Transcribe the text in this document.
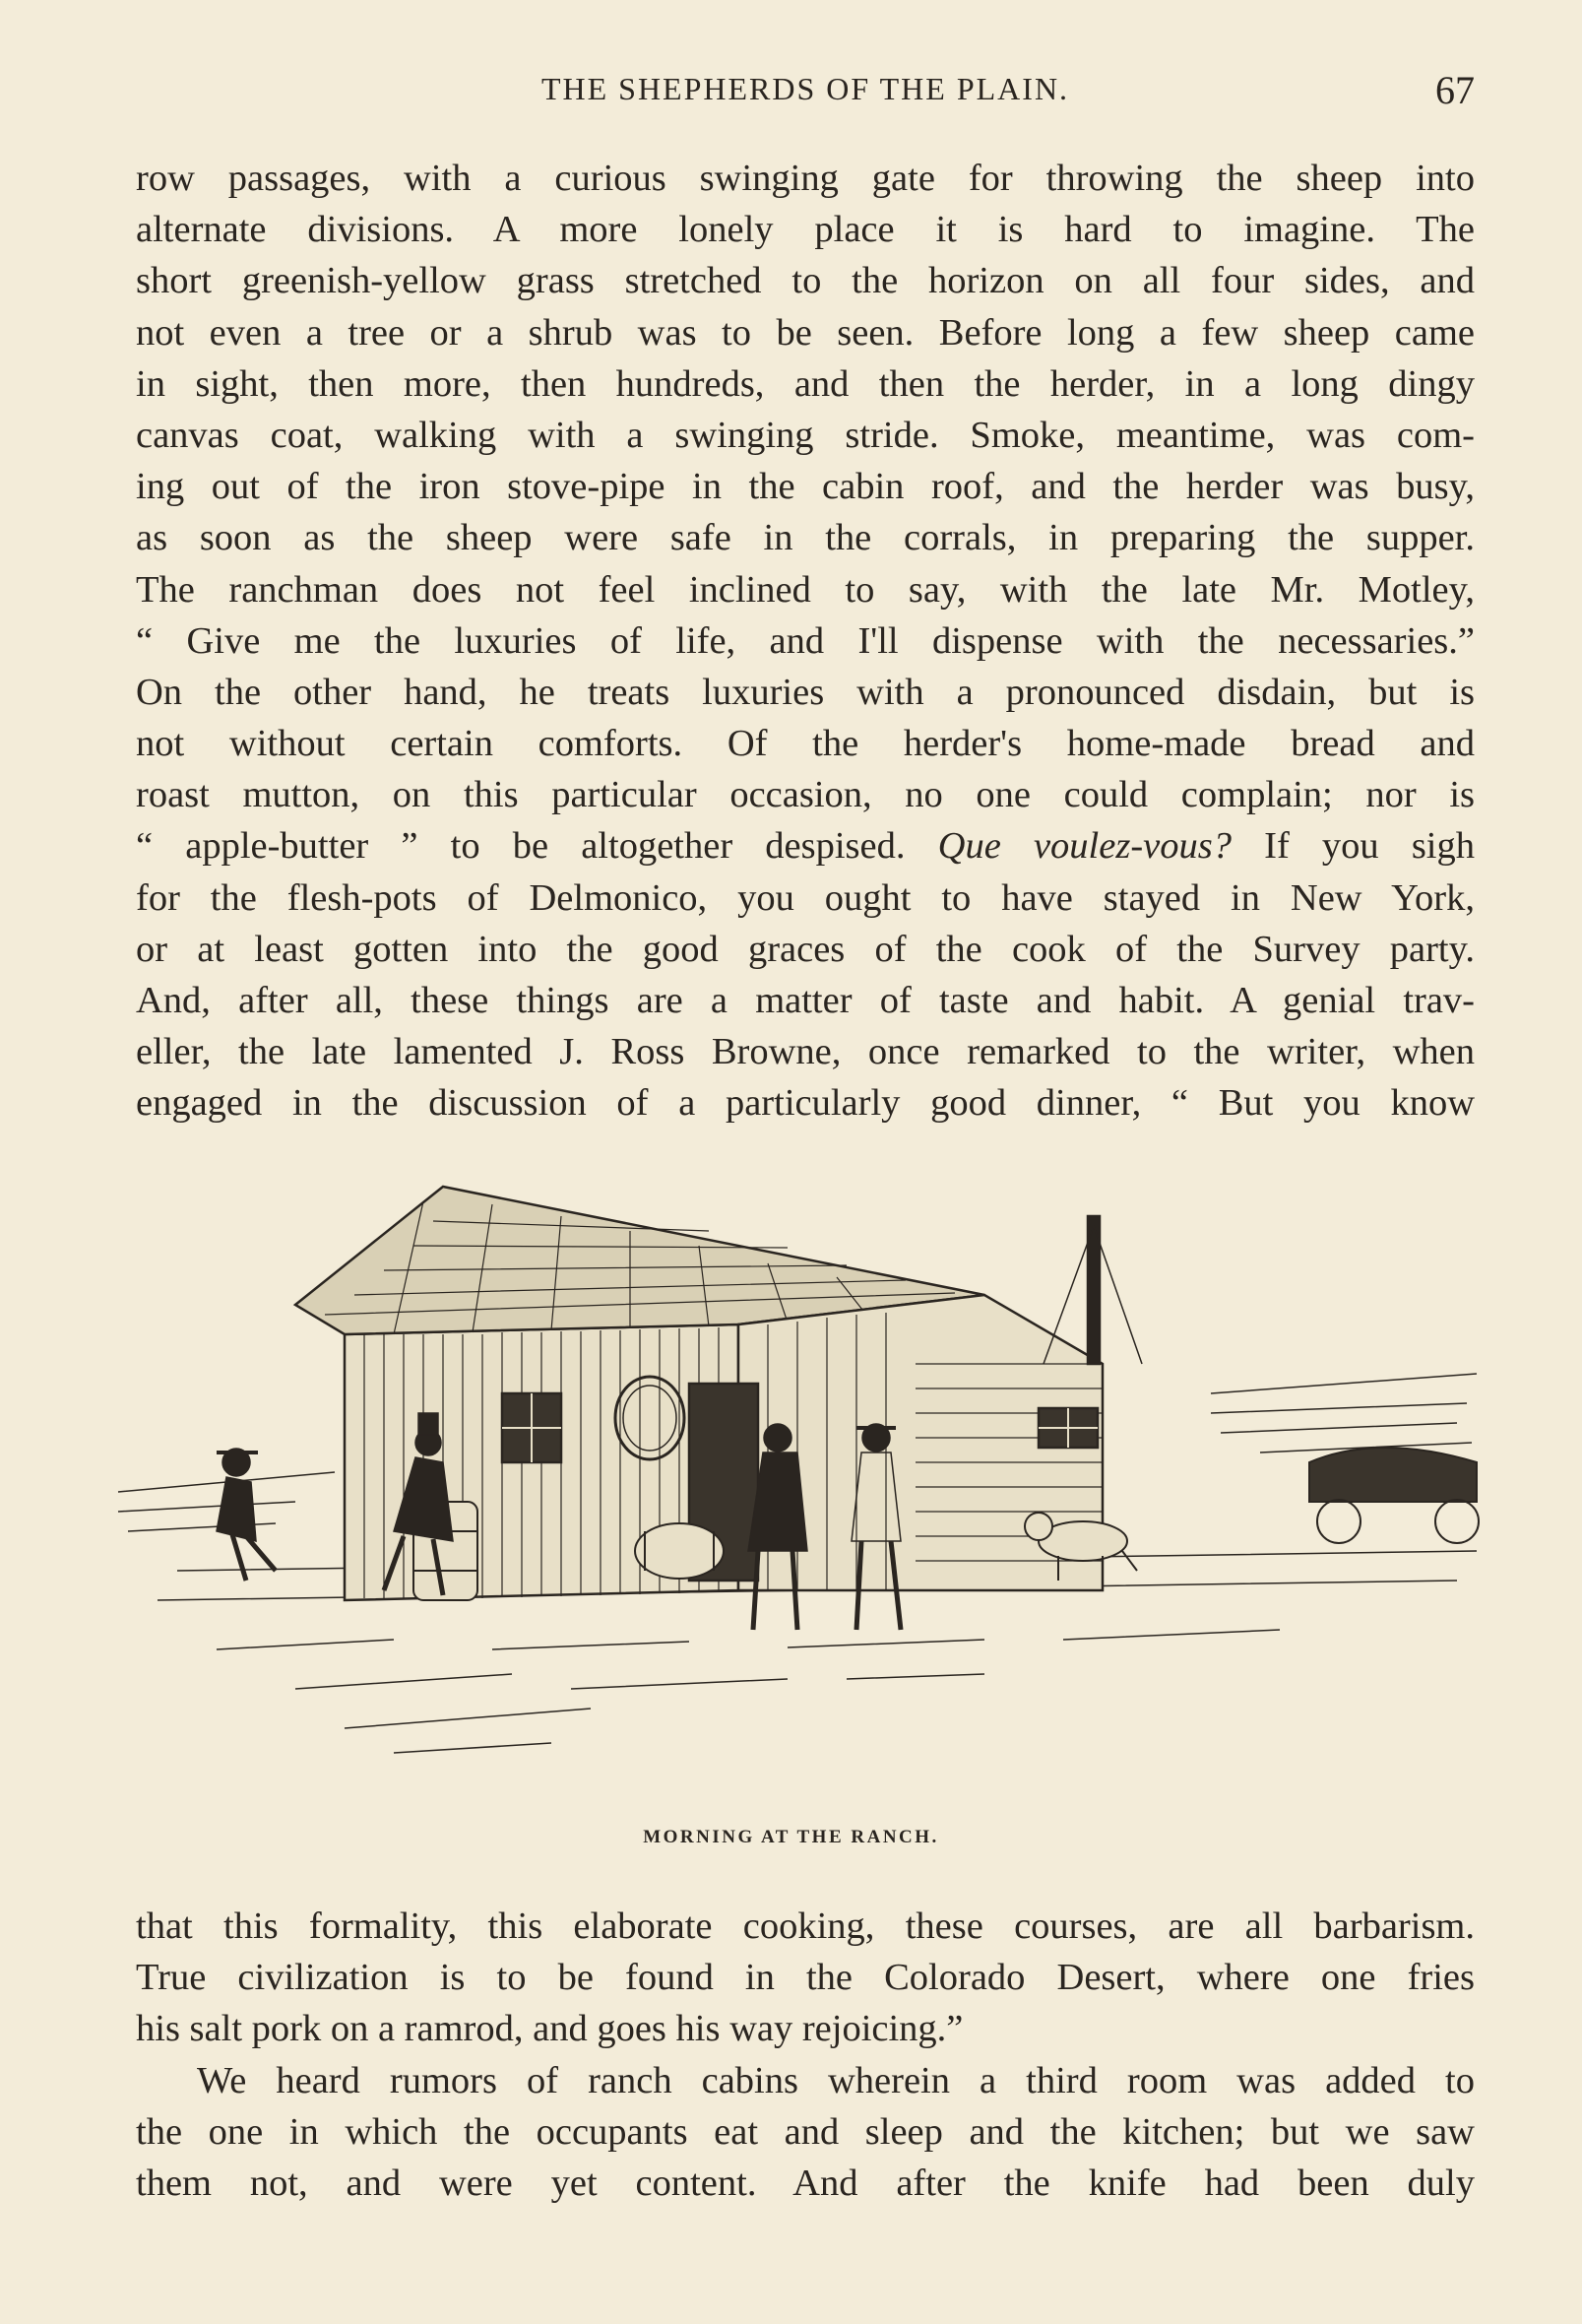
THE SHEPHERDS OF THE PLAIN.	67
row passages, with a curious swinging gate for throwing the sheep into
alternate divisions. A more lonely place it is hard to imagine. The
short greenish-yellow grass stretched to the horizon on all four sides, and
not even a tree or a shrub was to be seen. Before long a few sheep came
in sight, then more, then hundreds, and then the herder, in a long dingy
canvas coat, walking with a swinging stride. Smoke, meantime, was com-
ing out of the iron stove-pipe in the cabin roof, and the herder was busy,
as soon as the sheep were safe in the corrals, in preparing the supper.
The ranchman does not feel inclined to say, with the late Mr. Motley,
“ Give me the luxuries of life, and I'll dispense with the necessaries.”
On the other hand, he treats luxuries with a pronounced disdain, but is
not without certain comforts. Of the herder's home-made bread and
roast mutton, on this particular occasion, no one could complain; nor is
“ apple-butter ” to be altogether despised. Que voulez-vous? If you sigh
for the flesh-pots of Delmonico, you ought to have stayed in New York,
or at least gotten into the good graces of the cook of the Survey party.
And, after all, these things are a matter of taste and habit. A genial trav-
eller, the late lamented J. Ross Browne, once remarked to the writer, when
engaged in the discussion of a particularly good dinner, “ But you know
MORNING AT THE RANCH.
that this formality, this elaborate cooking, these courses, are all barbarism.
True civilization is to be found in the Colorado Desert, where one fries
his salt pork on a ramrod, and goes his way rejoicing.”
We heard rumors of ranch cabins wherein a third room was added to
the one in which the occupants eat and sleep and the kitchen; but we saw
them not, and were yet content. And after the knife had been duly
